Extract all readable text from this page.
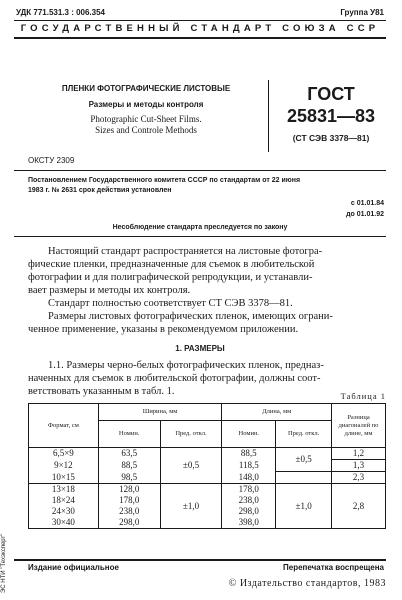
УДК 771.531.3 : 006.354	Группа У81
ГОСУДАРСТВЕННЫЙ СТАНДАРТ СОЮЗА ССР
ПЛЕНКИ ФОТОГРАФИЧЕСКИЕ ЛИСТОВЫЕ
Размеры и методы контроля
Photographic Cut-Sheet Films.
Sizes and Controle Methods
ГОСТ
25831—83
(СТ СЭВ 3378—81)
ОКСТУ 2309
Постановлением Государственного комитета СССР по стандартам от 22 июня
1983 г. № 2631 срок действия установлен
с 01.01.84
до 01.01.92
Несоблюдение стандарта преследуется по закону
Настоящий стандарт распространяется на листовые фотогра-
фические пленки, предназначенные для съемок в любительской
фотографии и для полиграфической репродукции, и устанавли-
вает размеры и методы их контроля.
Стандарт полностью соответствует СТ СЭВ 3378—81.
Размеры листовых фотографических пленок, имеющих ограни-
ченное применение, указаны в рекомендуемом приложении.
1. РАЗМЕРЫ
1.1. Размеры черно-белых фотографических пленок, предназ-
наченных для съемок в любительской фотографии, должны соот-
ветствовать указанным в табл. 1.	Таблица 1
Формат, см	Ширина, мм		Длина, мм		Разница диагоналей по длине, мм
	Номин.	Пред. откл.	Номин.	Пред. откл.	
6,5×9	63,5	±0,5	88,5	±0,5	1,2
9×12	88,5		118,5		1,3
10×15	98,5		148,0		2,3
13×18	128,0	±1,0	178,0	±1,0	2,8
18×24	178,0		238,0		
24×30	238,0		298,0		
30×40	298,0		398,0		
Издание официальное	Перепечатка воспрещена
© Издательство стандартов, 1983
ЭС НТИ "Техэксперт"
